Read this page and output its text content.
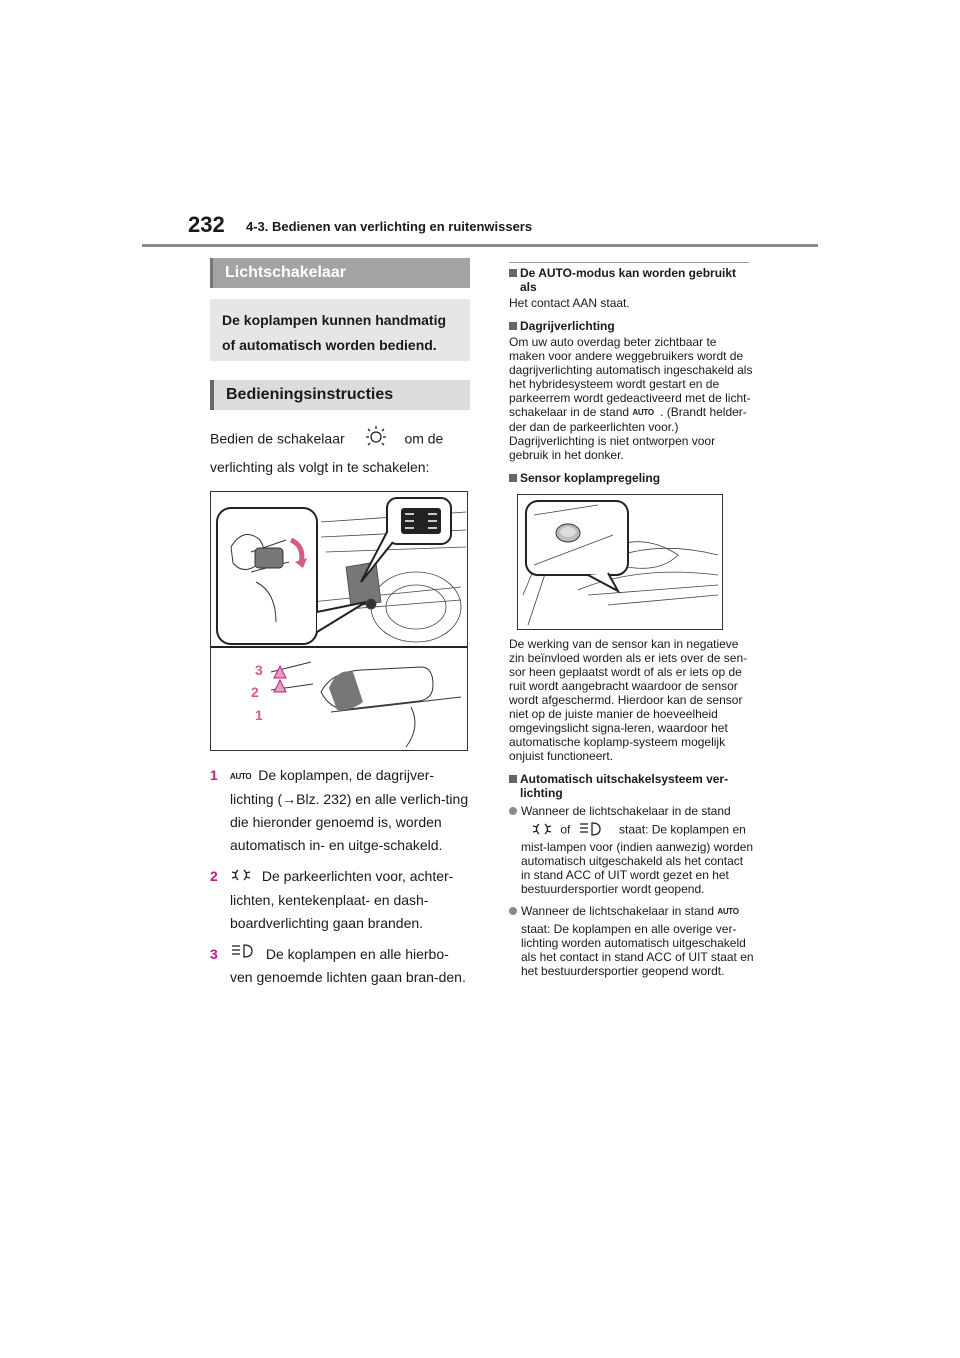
232 4-3. Bedienen van verlichting en ruitenwissers
Lichtschakelaar
De koplampen kunnen handmatig of automatisch worden bediend.
Bedieningsinstructies
Bedien de schakelaar	om de verlichting als volgt in te schakelen:
3
2
1
1 AUTO De koplampen, de dagrijver-lichting (→Blz. 232) en alle verlich-ting die hieronder genoemd is, worden automatisch in- en uitge-schakeld.
2	De parkeerlichten voor, achter-lichten, kentekenplaat- en dash-boardverlichting gaan branden.
3	De koplampen en alle hierbo-ven genoemde lichten gaan bran-den.
De AUTO-modus kan worden gebruikt als
Het contact AAN staat.
Dagrijverlichting
Om uw auto overdag beter zichtbaar te maken voor andere weggebruikers wordt de dagrijverlichting automatisch ingeschakeld als het hybridesysteem wordt gestart en de parkeerrem wordt gedeactiveerd met de licht-schakelaar in de stand AUTO . (Brandt helder-der dan de parkeerlichten voor.) Dagrijverlichting is niet ontworpen voor gebruik in het donker.
Sensor koplampregeling
De werking van de sensor kan in negatieve zin beïnvloed worden als er iets over de sen-sor heen geplaatst wordt of als er iets op de ruit wordt aangebracht waardoor de sensor wordt afgeschermd. Hierdoor kan de sensor niet op de juiste manier de hoeveelheid omgevingslicht signa-leren, waardoor het automatische koplamp-systeem mogelijk onjuist functioneert.
Automatisch uitschakelsysteem ver-lichting
Wanneer de lichtschakelaar in de stand
of	staat: De koplampen en mist-lampen voor (indien aanwezig) worden automatisch uitgeschakeld als het contact in stand ACC of UIT wordt gezet en het bestuurdersportier wordt geopend.
Wanneer de lichtschakelaar in stand AUTO
staat: De koplampen en alle overige ver-lichting worden automatisch uitgeschakeld als het contact in stand ACC of UIT staat en het bestuurdersportier geopend wordt.
